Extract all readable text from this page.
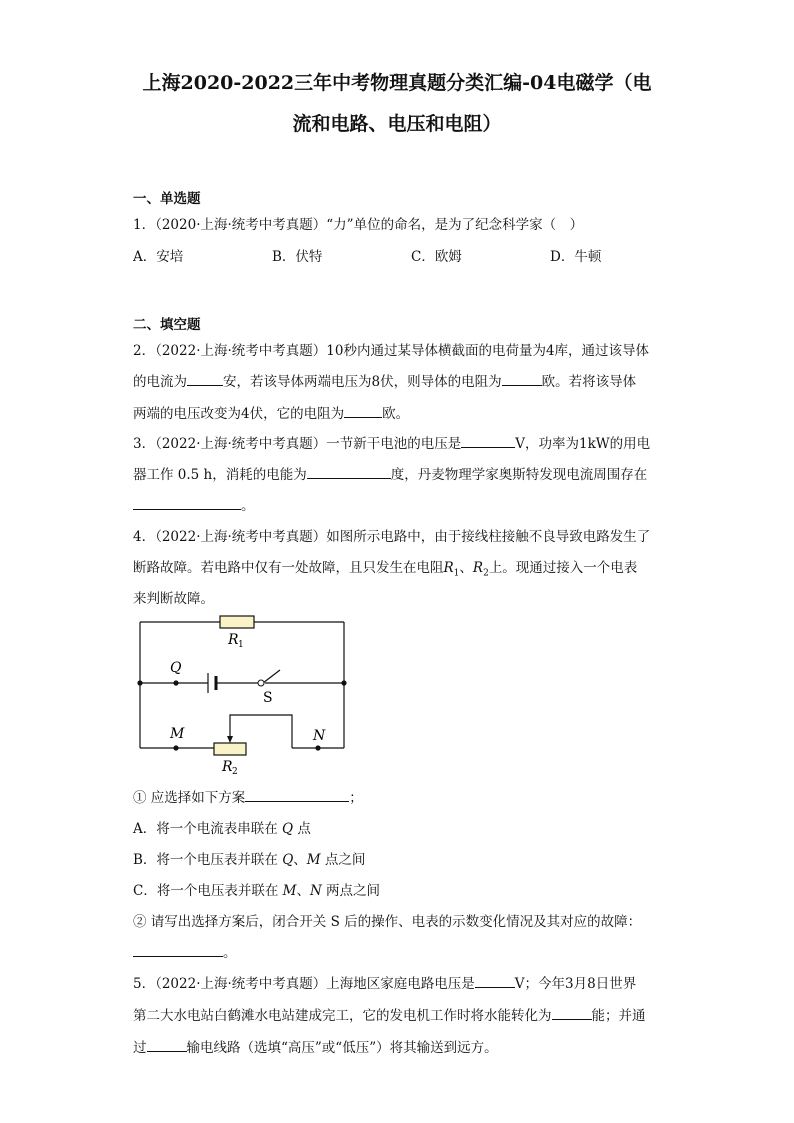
上海2020-2022三年中考物理真题分类汇编-04电磁学（电
流和电路、电压和电阻）
一、单选题
1．（2020·上海·统考中考真题）“力”单位的命名，是为了纪念科学家（　）
A．安培	B．伏特	C．欧姆	D．牛顿
二、填空题
2．（2022·上海·统考中考真题）10秒内通过某导体横截面的电荷量为4库，通过该导体
的电流为	安，若该导体两端电压为8伏，则导体的电阻为	欧。若将该导体
两端的电压改变为4伏，它的电阻为	欧。
3．（2022·上海·统考中考真题）一节新干电池的电压是	V，功率为1kW的用电
器工作 0.5 h，消耗的电能为	度，丹麦物理学家奥斯特发现电流周围存在
。
4．（2022·上海·统考中考真题）如图所示电路中，由于接线柱接触不良导致电路发生了
断路故障。若电路中仅有一处故障，且只发生在电阻$R_1$、$R_2$上。现通过接入一个电表
来判断故障。
R 1
Q
S
M	N
R 2
① 应选择如下方案	；
A．将一个电流表串联在 Q 点
B．将一个电压表并联在 Q、M 点之间
C．将一个电压表并联在 M、N 两点之间
② 请写出选择方案后，闭合开关 S 后的操作、电表的示数变化情况及其对应的故障：
。
5．（2022·上海·统考中考真题）上海地区家庭电路电压是	V；今年3月8日世界
第二大水电站白鹤滩水电站建成完工，它的发电机工作时将水能转化为	能；并通
过	输电线路（选填“高压”或“低压”）将其输送到远方。
